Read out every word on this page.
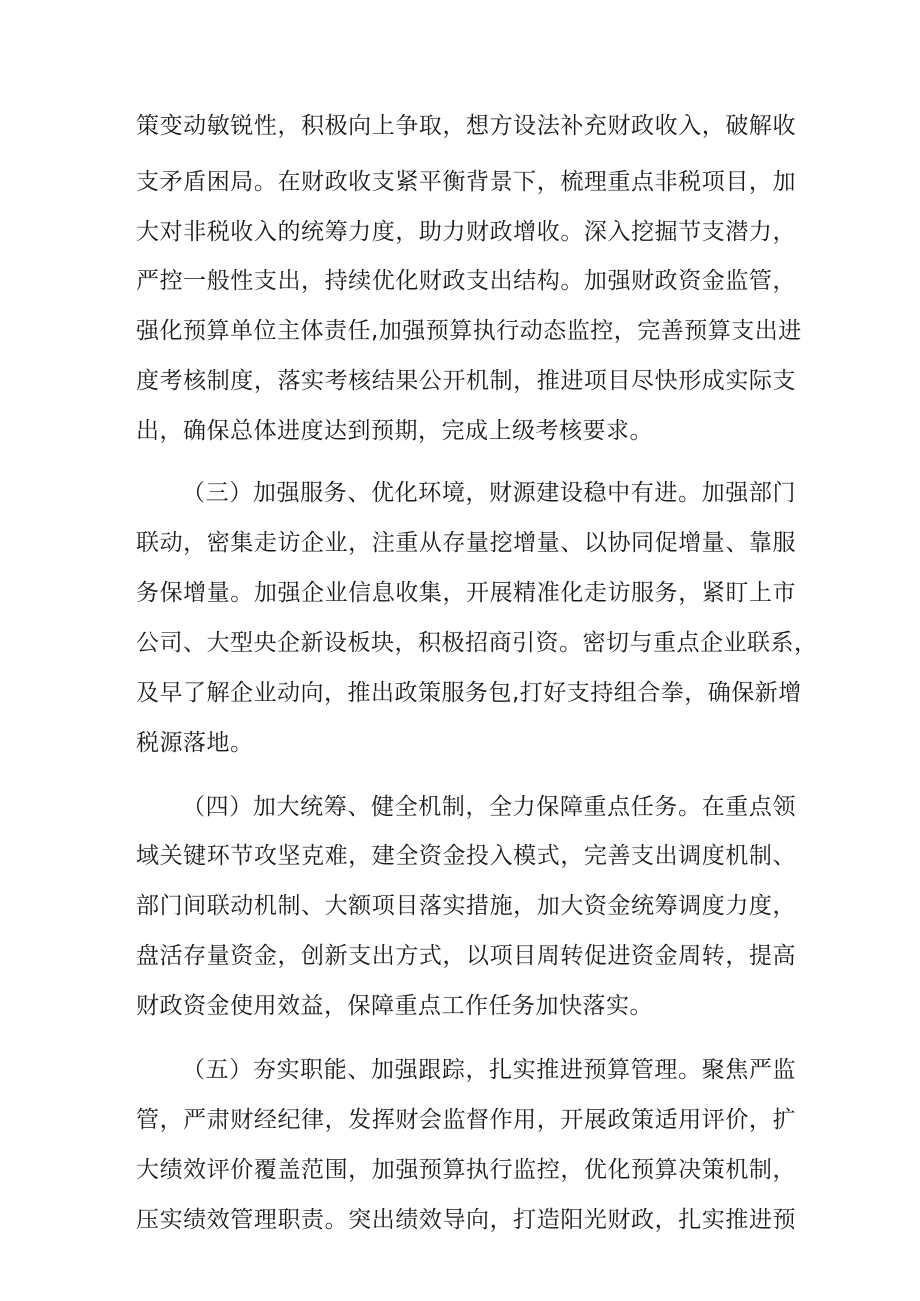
策变动敏锐性，积极向上争取，想方设法补充财政收入，破解收
支矛盾困局。在财政收支紧平衡背景下，梳理重点非税项目，加
大对非税收入的统筹力度，助力财政增收。深入挖掘节支潜力，
严控一般性支出，持续优化财政支出结构。加强财政资金监管，
强化预算单位主体责任,加强预算执行动态监控，完善预算支出进
度考核制度，落实考核结果公开机制，推进项目尽快形成实际支
出，确保总体进度达到预期，完成上级考核要求。
（三）加强服务、优化环境，财源建设稳中有进。加强部门
联动，密集走访企业，注重从存量挖增量、以协同促增量、靠服
务保增量。加强企业信息收集，开展精准化走访服务，紧盯上市
公司、大型央企新设板块，积极招商引资。密切与重点企业联系，
及早了解企业动向，推出政策服务包,打好支持组合拳，确保新增
税源落地。
（四）加大统筹、健全机制，全力保障重点任务。在重点领
域关键环节攻坚克难，建全资金投入模式，完善支出调度机制、
部门间联动机制、大额项目落实措施，加大资金统筹调度力度，
盘活存量资金，创新支出方式，以项目周转促进资金周转，提高
财政资金使用效益，保障重点工作任务加快落实。
（五）夯实职能、加强跟踪，扎实推进预算管理。聚焦严监
管，严肃财经纪律，发挥财会监督作用，开展政策适用评价，扩
大绩效评价覆盖范围，加强预算执行监控，优化预算决策机制，
压实绩效管理职责。突出绩效导向，打造阳光财政，扎实推进预
